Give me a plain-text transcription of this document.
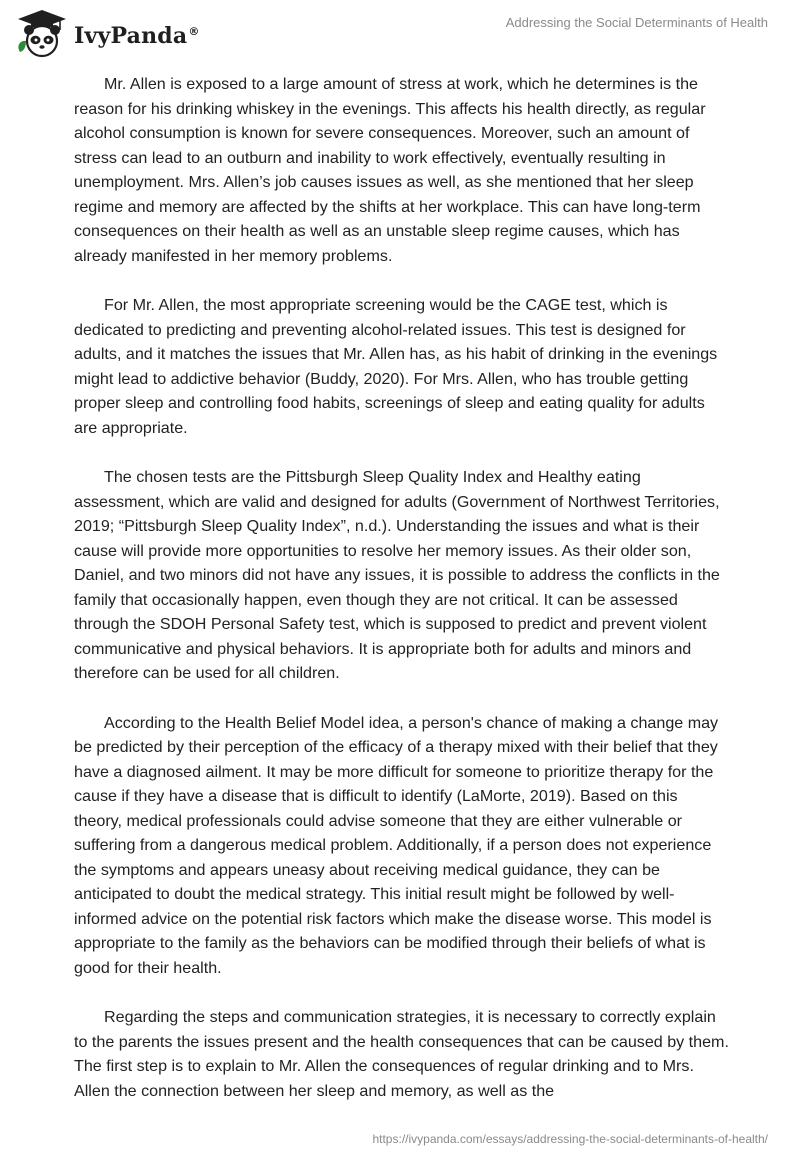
IvyPanda®
Addressing the Social Determinants of Health

Mr. Allen is exposed to a large amount of stress at work, which he determines is the reason for his drinking whiskey in the evenings. This affects his health directly, as regular alcohol consumption is known for severe consequences. Moreover, such an amount of stress can lead to an outburn and inability to work effectively, eventually resulting in unemployment. Mrs. Allen’s job causes issues as well, as she mentioned that her sleep regime and memory are affected by the shifts at her workplace. This can have long-term consequences on their health as well as an unstable sleep regime causes, which has already manifested in her memory problems.

For Mr. Allen, the most appropriate screening would be the CAGE test, which is dedicated to predicting and preventing alcohol-related issues. This test is designed for adults, and it matches the issues that Mr. Allen has, as his habit of drinking in the evenings might lead to addictive behavior (Buddy, 2020). For Mrs. Allen, who has trouble getting proper sleep and controlling food habits, screenings of sleep and eating quality for adults are appropriate.

The chosen tests are the Pittsburgh Sleep Quality Index and Healthy eating assessment, which are valid and designed for adults (Government of Northwest Territories, 2019; “Pittsburgh Sleep Quality Index”, n.d.). Understanding the issues and what is their cause will provide more opportunities to resolve her memory issues. As their older son, Daniel, and two minors did not have any issues, it is possible to address the conflicts in the family that occasionally happen, even though they are not critical. It can be assessed through the SDOH Personal Safety test, which is supposed to predict and prevent violent communicative and physical behaviors. It is appropriate both for adults and minors and therefore can be used for all children.

According to the Health Belief Model idea, a person's chance of making a change may be predicted by their perception of the efficacy of a therapy mixed with their belief that they have a diagnosed ailment. It may be more difficult for someone to prioritize therapy for the cause if they have a disease that is difficult to identify (LaMorte, 2019). Based on this theory, medical professionals could advise someone that they are either vulnerable or suffering from a dangerous medical problem. Additionally, if a person does not experience the symptoms and appears uneasy about receiving medical guidance, they can be anticipated to doubt the medical strategy. This initial result might be followed by well-informed advice on the potential risk factors which make the disease worse. This model is appropriate to the family as the behaviors can be modified through their beliefs of what is good for their health.

Regarding the steps and communication strategies, it is necessary to correctly explain to the parents the issues present and the health consequences that can be caused by them. The first step is to explain to Mr. Allen the consequences of regular drinking and to Mrs. Allen the connection between her sleep and memory, as well as the

https://ivypanda.com/essays/addressing-the-social-determinants-of-health/
